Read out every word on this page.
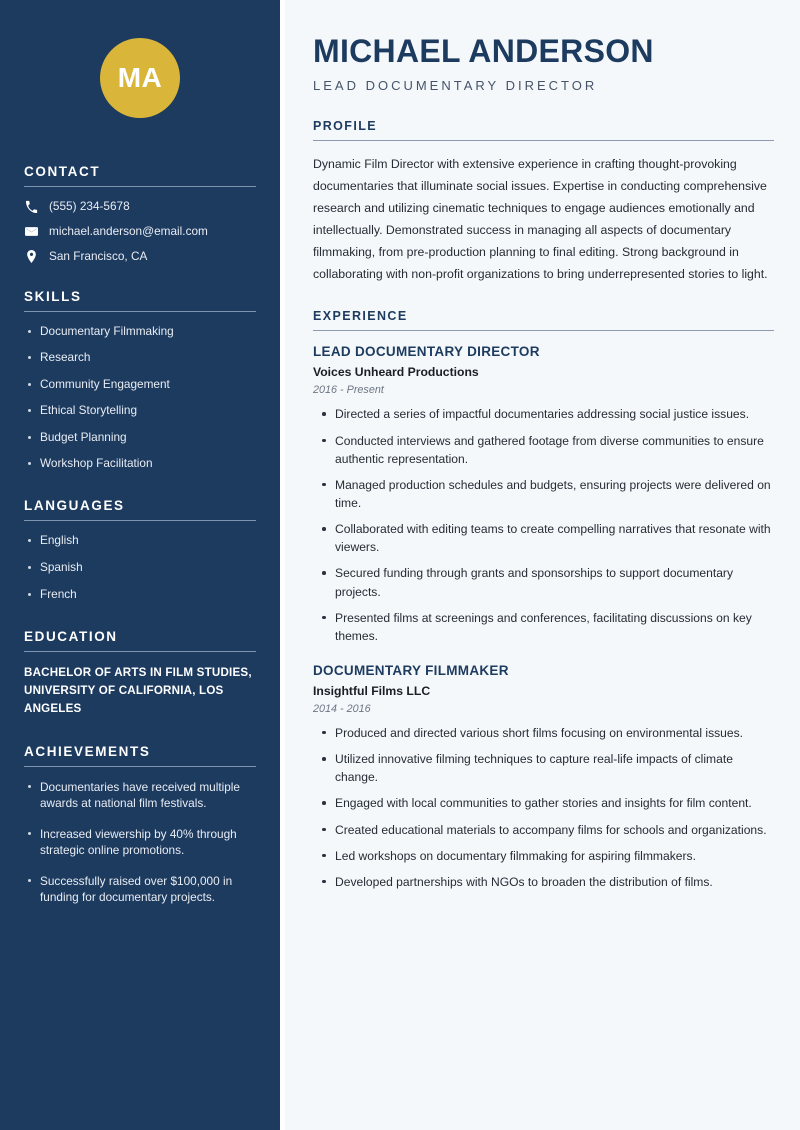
MA
CONTACT
(555) 234-5678
michael.anderson@email.com
San Francisco, CA
SKILLS
Documentary Filmmaking
Research
Community Engagement
Ethical Storytelling
Budget Planning
Workshop Facilitation
LANGUAGES
English
Spanish
French
EDUCATION
BACHELOR OF ARTS IN FILM STUDIES, UNIVERSITY OF CALIFORNIA, LOS ANGELES
ACHIEVEMENTS
Documentaries have received multiple awards at national film festivals.
Increased viewership by 40% through strategic online promotions.
Successfully raised over $100,000 in funding for documentary projects.
MICHAEL ANDERSON
LEAD DOCUMENTARY DIRECTOR
PROFILE

Dynamic Film Director with extensive experience in crafting thought-provoking documentaries that illuminate social issues. Expertise in conducting comprehensive research and utilizing cinematic techniques to engage audiences emotionally and intellectually. Demonstrated success in managing all aspects of documentary filmmaking, from pre-production planning to final editing. Strong background in collaborating with non-profit organizations to bring underrepresented stories to light.

EXPERIENCE
LEAD DOCUMENTARY DIRECTOR
Voices Unheard Productions
2016 - Present
Directed a series of impactful documentaries addressing social justice issues.
Conducted interviews and gathered footage from diverse communities to ensure authentic representation.
Managed production schedules and budgets, ensuring projects were delivered on time.
Collaborated with editing teams to create compelling narratives that resonate with viewers.
Secured funding through grants and sponsorships to support documentary projects.
Presented films at screenings and conferences, facilitating discussions on key themes.
DOCUMENTARY FILMMAKER
Insightful Films LLC
2014 - 2016
Produced and directed various short films focusing on environmental issues.
Utilized innovative filming techniques to capture real-life impacts of climate change.
Engaged with local communities to gather stories and insights for film content.
Created educational materials to accompany films for schools and organizations.
Led workshops on documentary filmmaking for aspiring filmmakers.
Developed partnerships with NGOs to broaden the distribution of films.
